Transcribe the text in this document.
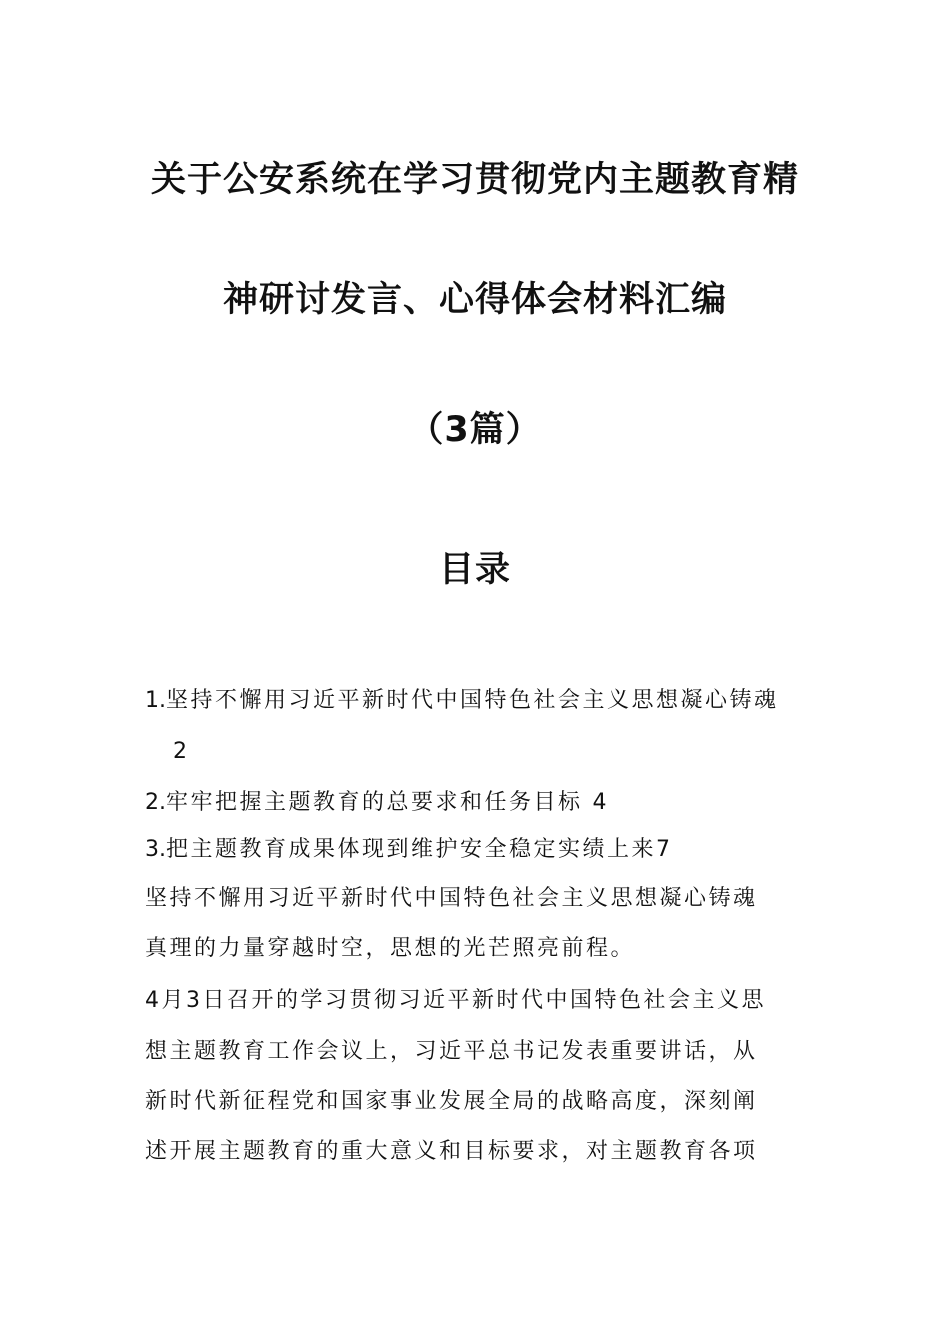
关于公安系统在学习贯彻党内主题教育精
神研讨发言、心得体会材料汇编
（3篇）
目录
1.坚持不懈用习近平新时代中国特色社会主义思想凝心铸魂
2
2.牢牢把握主题教育的总要求和任务目标 4
3.把主题教育成果体现到维护安全稳定实绩上来7
坚持不懈用习近平新时代中国特色社会主义思想凝心铸魂
真理的力量穿越时空，思想的光芒照亮前程。
4月3日召开的学习贯彻习近平新时代中国特色社会主义思
想主题教育工作会议上，习近平总书记发表重要讲话，从
新时代新征程党和国家事业发展全局的战略高度，深刻阐
述开展主题教育的重大意义和目标要求，对主题教育各项
